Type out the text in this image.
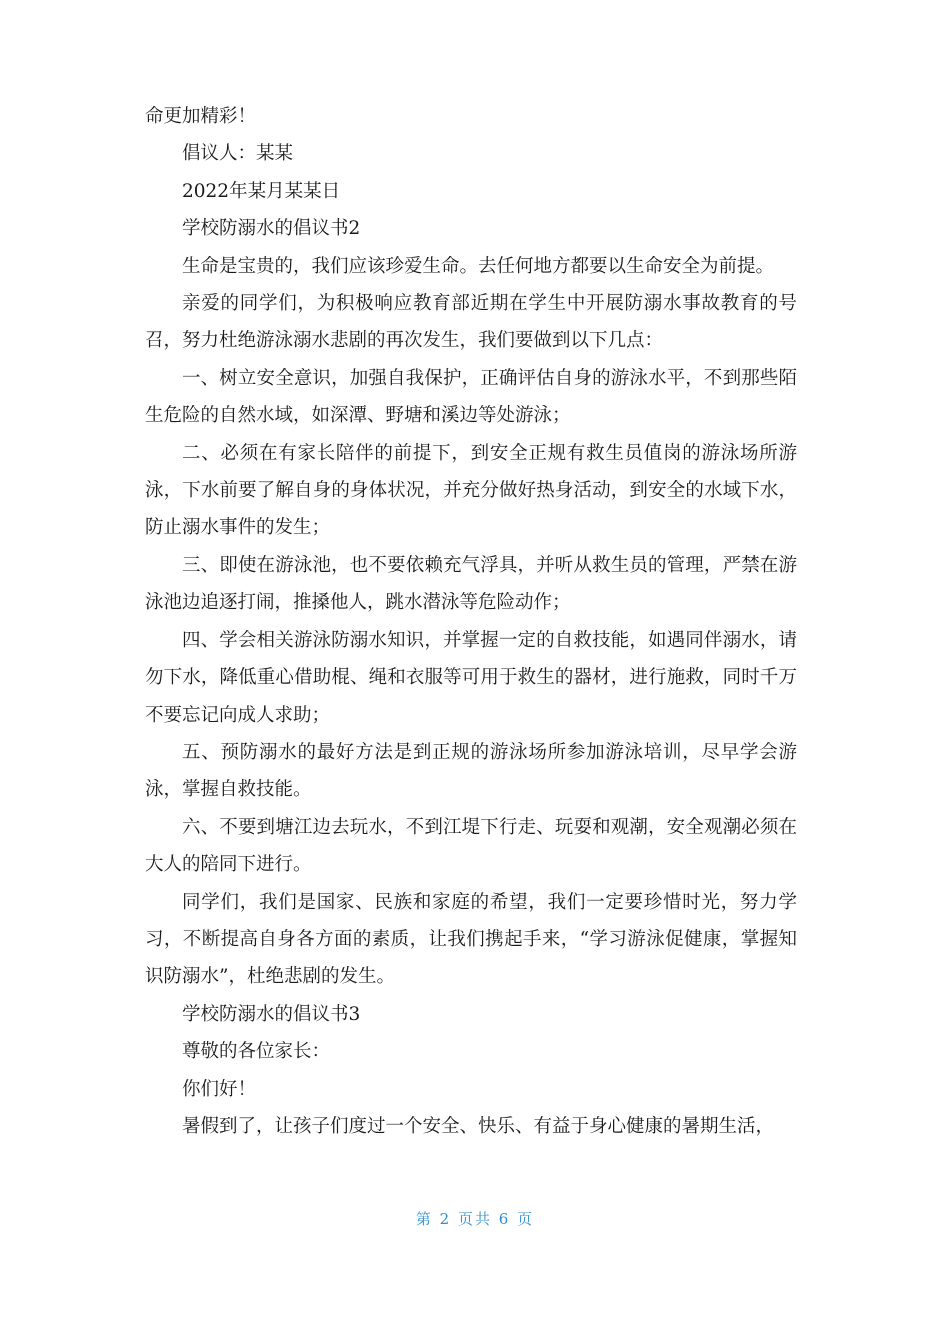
命更加精彩！

倡议人：某某

2022年某月某某日

学校防溺水的倡议书2

生命是宝贵的，我们应该珍爱生命。去任何地方都要以生命安全为前提。

亲爱的同学们，为积极响应教育部近期在学生中开展防溺水事故教育的号召，努力杜绝游泳溺水悲剧的再次发生，我们要做到以下几点：

一、树立安全意识，加强自我保护，正确评估自身的游泳水平，不到那些陌生危险的自然水域，如深潭、野塘和溪边等处游泳；

二、必须在有家长陪伴的前提下，到安全正规有救生员值岗的游泳场所游泳，下水前要了解自身的身体状况，并充分做好热身活动，到安全的水域下水，防止溺水事件的发生；

三、即使在游泳池，也不要依赖充气浮具，并听从救生员的管理，严禁在游泳池边追逐打闹，推搡他人，跳水潜泳等危险动作；

四、学会相关游泳防溺水知识，并掌握一定的自救技能，如遇同伴溺水，请勿下水，降低重心借助棍、绳和衣服等可用于救生的器材，进行施救，同时千万不要忘记向成人求助；

五、预防溺水的最好方法是到正规的游泳场所参加游泳培训，尽早学会游泳，掌握自救技能。

六、不要到塘江边去玩水，不到江堤下行走、玩耍和观潮，安全观潮必须在大人的陪同下进行。

同学们，我们是国家、民族和家庭的希望，我们一定要珍惜时光，努力学习，不断提高自身各方面的素质，让我们携起手来，“学习游泳促健康，掌握知识防溺水”，杜绝悲剧的发生。

学校防溺水的倡议书3

尊敬的各位家长：

你们好！

暑假到了，让孩子们度过一个安全、快乐、有益于身心健康的暑期生活，

第 2 页共 6 页
